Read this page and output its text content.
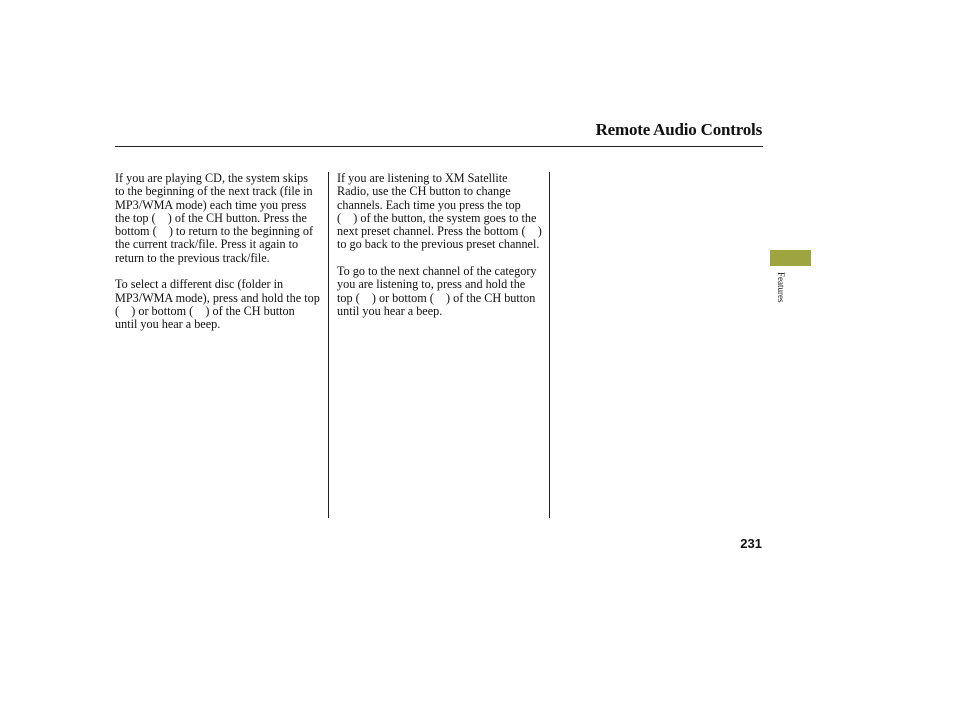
Remote Audio Controls

If you are playing CD, the system skips to the beginning of the next track (file in MP3/WMA mode) each time you press the top ( ) of the CH button. Press the bottom ( ) to return to the beginning of the current track/file. Press it again to return to the previous track/file.

To select a different disc (folder in MP3/WMA mode), press and hold the top ( ) or bottom ( ) of the CH button until you hear a beep.

If you are listening to XM Satellite Radio, use the CH button to change channels. Each time you press the top ( ) of the button, the system goes to the next preset channel. Press the bottom ( ) to go back to the previous preset channel.

To go to the next channel of the category you are listening to, press and hold the top ( ) or bottom ( ) of the CH button until you hear a beep.

Features
231
